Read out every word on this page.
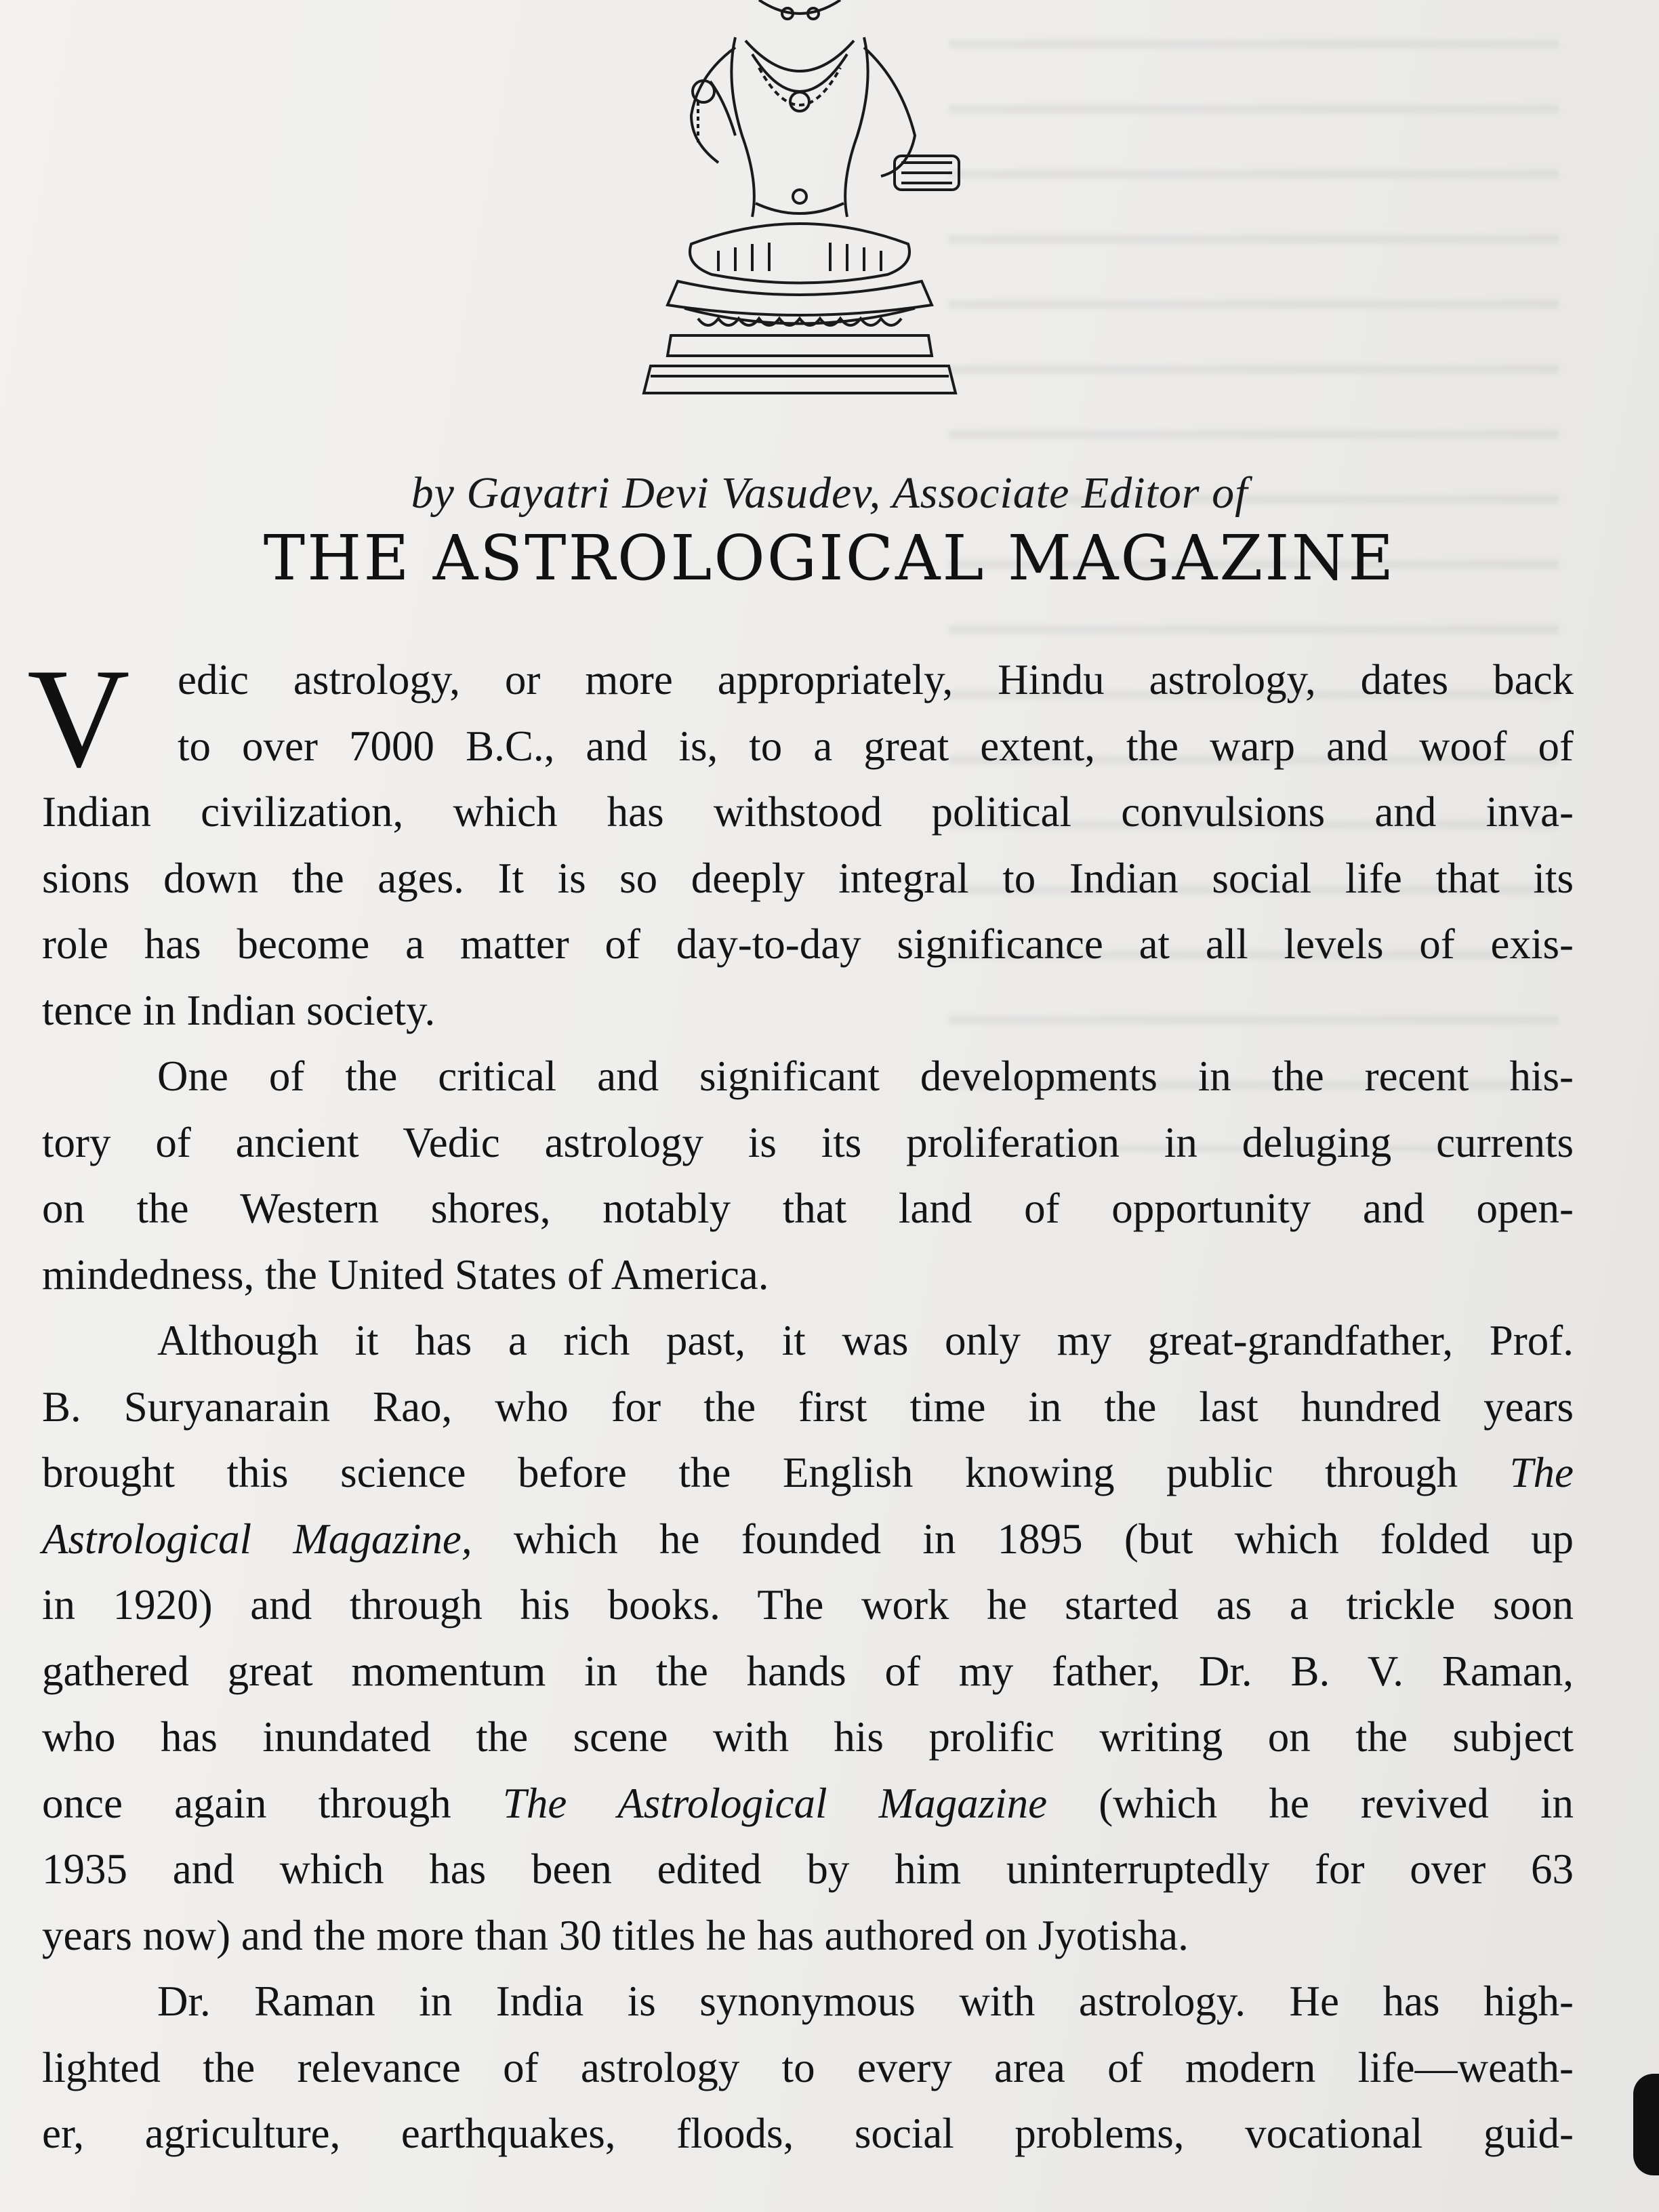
by Gayatri Devi Vasudev, Associate Editor of
THE ASTROLOGICAL MAGAZINE
V	edic astrology, or more appropriately, Hindu astrology, dates back
to over 7000 B.C., and is, to a great extent, the warp and woof of
Indian civilization, which has withstood political convulsions and inva-
sions down the ages. It is so deeply integral to Indian social life that its
role has become a matter of day-to-day significance at all levels of exis-
tence in Indian society.
One of the critical and significant developments in the recent his-
tory of ancient Vedic astrology is its proliferation in deluging currents
on the Western shores, notably that land of opportunity and open-
mindedness, the United States of America.
Although it has a rich past, it was only my great-grandfather, Prof.
B. Suryanarain Rao, who for the first time in the last hundred years
brought this science before the English knowing public through The
Astrological Magazine, which he founded in 1895 (but which folded up
in 1920) and through his books. The work he started as a trickle soon
gathered great momentum in the hands of my father, Dr. B. V. Raman,
who has inundated the scene with his prolific writing on the subject
once again through The Astrological Magazine (which he revived in
1935 and which has been edited by him uninterruptedly for over 63
years now) and the more than 30 titles he has authored on Jyotisha.
Dr. Raman in India is synonymous with astrology. He has high-
lighted the relevance of astrology to every area of modern life—weath-
er, agriculture, earthquakes, floods, social problems, vocational guid-
